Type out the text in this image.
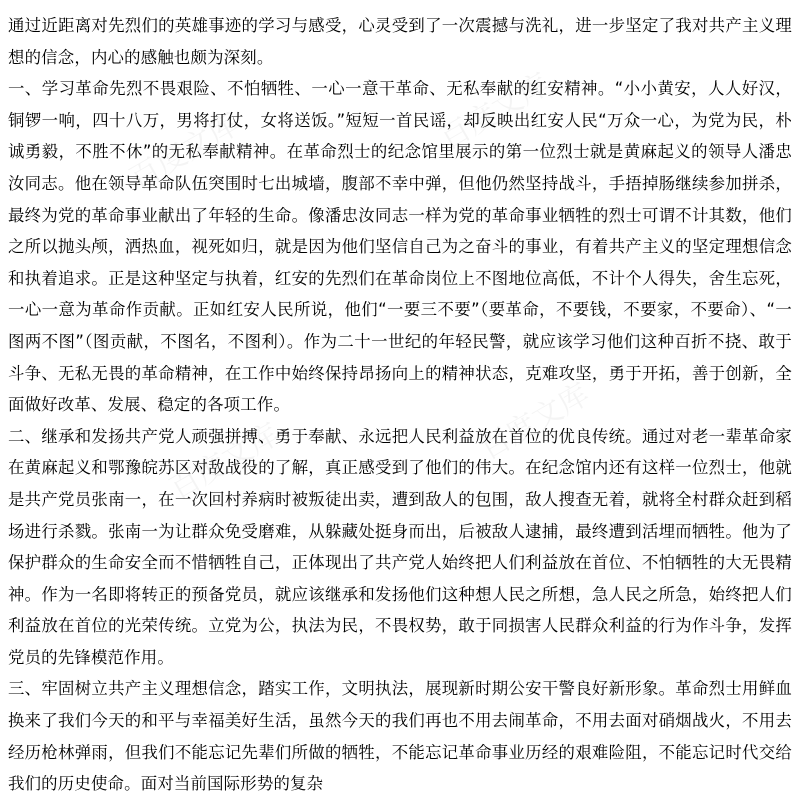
通过近距离对先烈们的英雄事迹的学习与感受，心灵受到了一次震撼与洗礼，进一步坚定了我对共产主义理想的信念，内心的感触也颇为深刻。

一、学习革命先烈不畏艰险、不怕牺牲、一心一意干革命、无私奉献的红安精神。“小小黄安，人人好汉，铜锣一响，四十八万，男将打仗，女将送饭。”短短一首民谣，却反映出红安人民“万众一心，为党为民，朴诚勇毅，不胜不休”的无私奉献精神。在革命烈士的纪念馆里展示的第一位烈士就是黄麻起义的领导人潘忠汝同志。他在领导革命队伍突围时七出城墙，腹部不幸中弹，但他仍然坚持战斗，手捂掉肠继续参加拼杀，最终为党的革命事业献出了年轻的生命。像潘忠汝同志一样为党的革命事业牺牲的烈士可谓不计其数，他们之所以抛头颅，洒热血，视死如归，就是因为他们坚信自己为之奋斗的事业，有着共产主义的坚定理想信念和执着追求。正是这种坚定与执着，红安的先烈们在革命岗位上不图地位高低，不计个人得失，舍生忘死，一心一意为革命作贡献。正如红安人民所说，他们“一要三不要”（要革命，不要钱，不要家，不要命）、“一图两不图”（图贡献，不图名，不图利）。作为二十一世纪的年轻民警，就应该学习他们这种百折不挠、敢于斗争、无私无畏的革命精神，在工作中始终保持昂扬向上的精神状态，克难攻坚，勇于开拓，善于创新，全面做好改革、发展、稳定的各项工作。

二、继承和发扬共产党人顽强拼搏、勇于奉献、永远把人民利益放在首位的优良传统。通过对老一辈革命家在黄麻起义和鄂豫皖苏区对敌战役的了解，真正感受到了他们的伟大。在纪念馆内还有这样一位烈士，他就是共产党员张南一，在一次回村养病时被叛徒出卖，遭到敌人的包围，敌人搜查无着，就将全村群众赶到稻场进行杀戮。张南一为让群众免受磨难，从躲藏处挺身而出，后被敌人逮捕，最终遭到活埋而牺牲。他为了保护群众的生命安全而不惜牺牲自己，正体现出了共产党人始终把人们利益放在首位、不怕牺牲的大无畏精神。作为一名即将转正的预备党员，就应该继承和发扬他们这种想人民之所想，急人民之所急，始终把人们利益放在首位的光荣传统。立党为公，执法为民，不畏权势，敢于同损害人民群众利益的行为作斗争，发挥党员的先锋模范作用。

三、牢固树立共产主义理想信念，踏实工作，文明执法，展现新时期公安干警良好新形象。革命烈士用鲜血换来了我们今天的和平与幸福美好生活，虽然今天的我们再也不用去闹革命，不用去面对硝烟战火，不用去经历枪林弹雨，但我们不能忘记先辈们所做的牺牲，不能忘记革命事业历经的艰难险阻，不能忘记时代交给我们的历史使命。面对当前国际形势的复杂
